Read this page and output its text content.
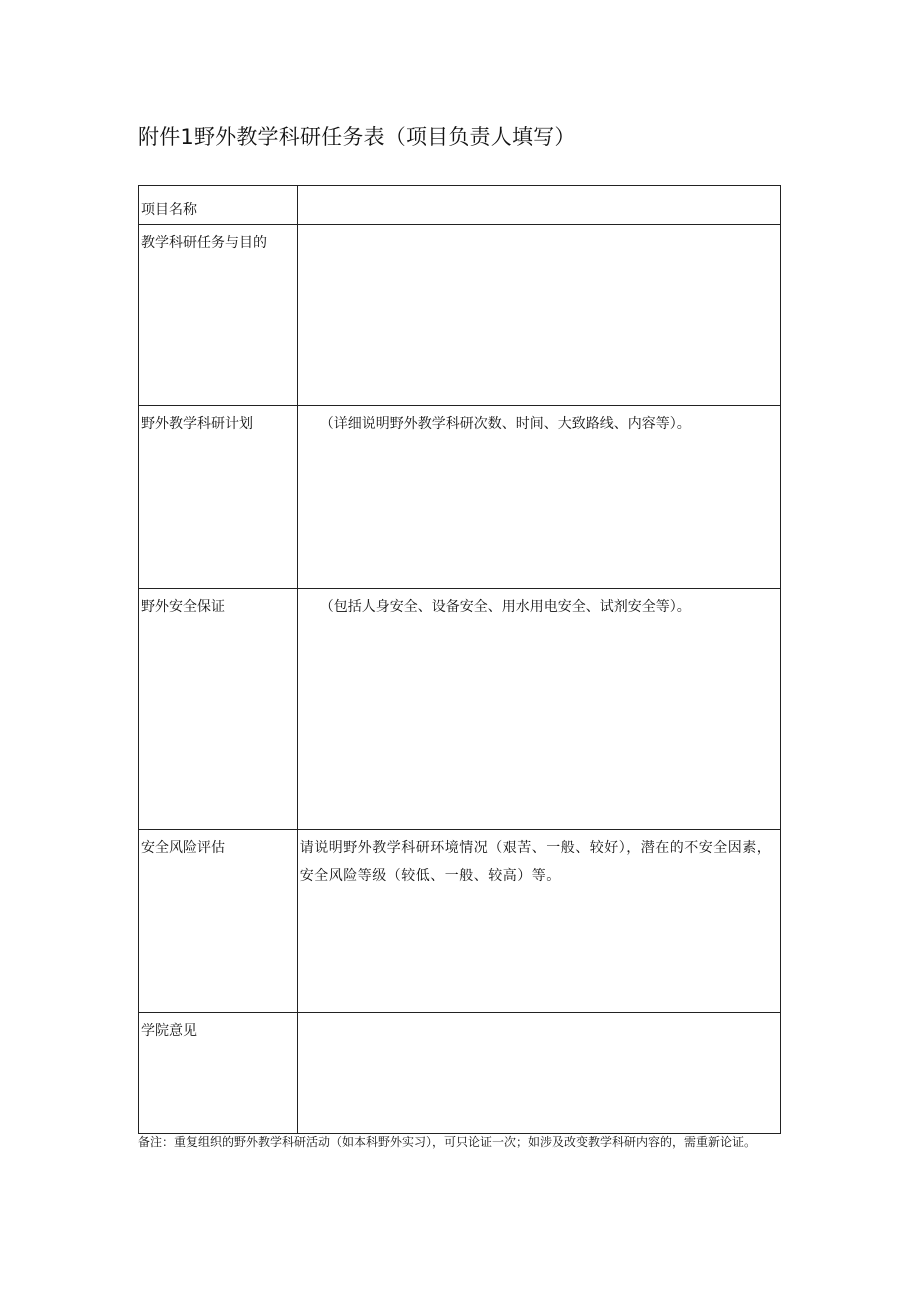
附件1野外教学科研任务表（项目负责人填写）
项目名称	
教学科研任务与目的	
野外教学科研计划	（详细说明野外教学科研次数、时间、大致路线、内容等）。
野外安全保证	（包括人身安全、设备安全、用水用电安全、试剂安全等）。
安全风险评估	请说明野外教学科研环境情况（艰苦、一般、较好），潜在的不安全因素，安全风险等级（较低、一般、较高）等。
学院意见	
备注：重复组织的野外教学科研活动（如本科野外实习），可只论证一次；如涉及改变教学科研内容的，需重新论证。
